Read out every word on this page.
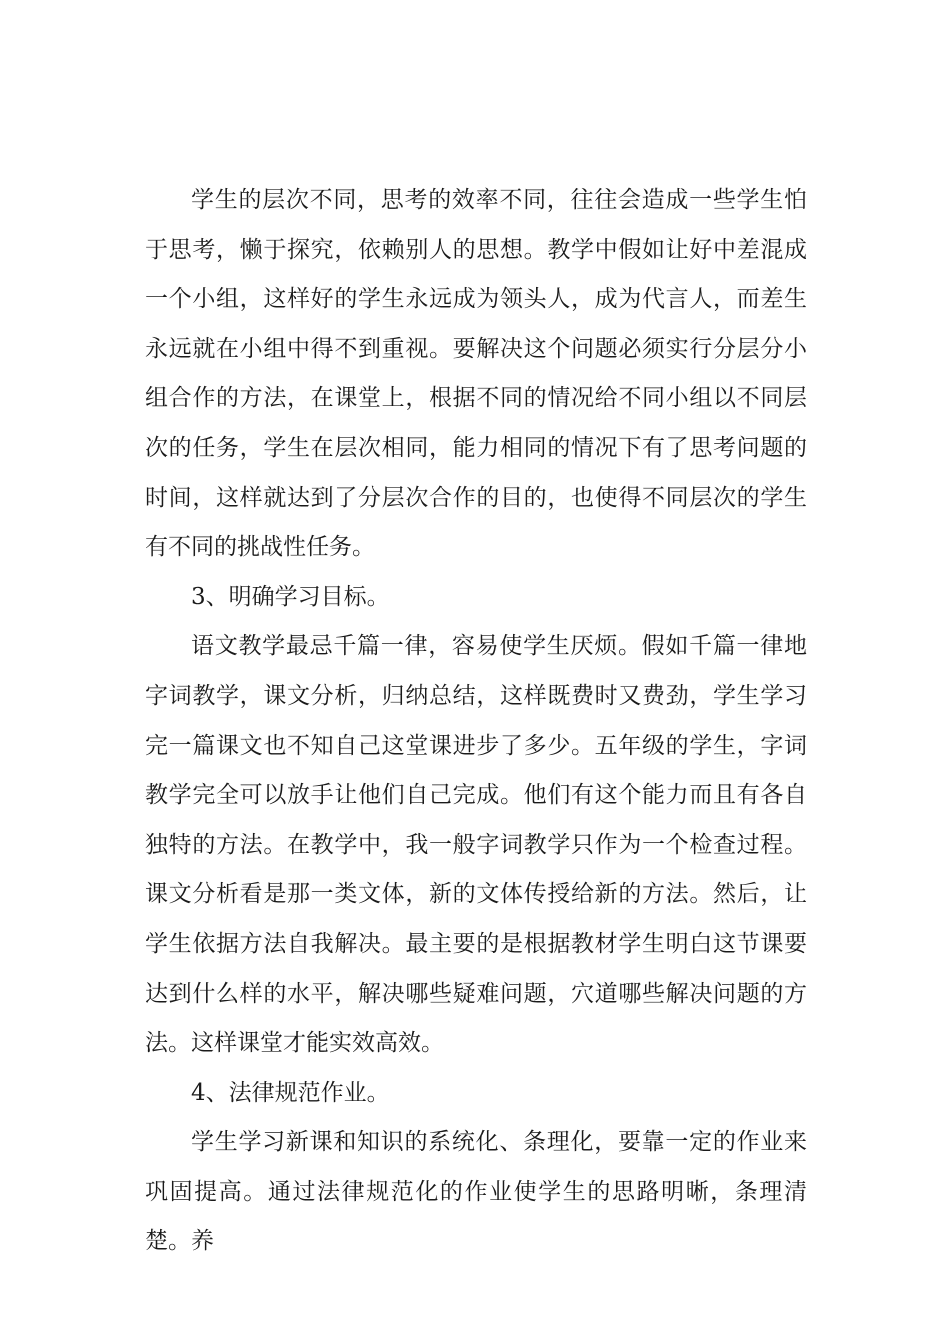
学生的层次不同，思考的效率不同，往往会造成一些学生怕于思考，懒于探究，依赖别人的思想。教学中假如让好中差混成一个小组，这样好的学生永远成为领头人，成为代言人，而差生永远就在小组中得不到重视。要解决这个问题必须实行分层分小组合作的方法，在课堂上，根据不同的情况给不同小组以不同层次的任务，学生在层次相同，能力相同的情况下有了思考问题的时间，这样就达到了分层次合作的目的，也使得不同层次的学生有不同的挑战性任务。

3、明确学习目标。

语文教学最忌千篇一律，容易使学生厌烦。假如千篇一律地字词教学，课文分析，归纳总结，这样既费时又费劲，学生学习完一篇课文也不知自己这堂课进步了多少。五年级的学生，字词教学完全可以放手让他们自己完成。他们有这个能力而且有各自独特的方法。在教学中，我一般字词教学只作为一个检查过程。课文分析看是那一类文体，新的文体传授给新的方法。然后，让学生依据方法自我解决。最主要的是根据教材学生明白这节课要达到什么样的水平，解决哪些疑难问题，穴道哪些解决问题的方法。这样课堂才能实效高效。

4、法律规范作业。

学生学习新课和知识的系统化、条理化，要靠一定的作业来巩固提高。通过法律规范化的作业使学生的思路明晰，条理清楚。养
